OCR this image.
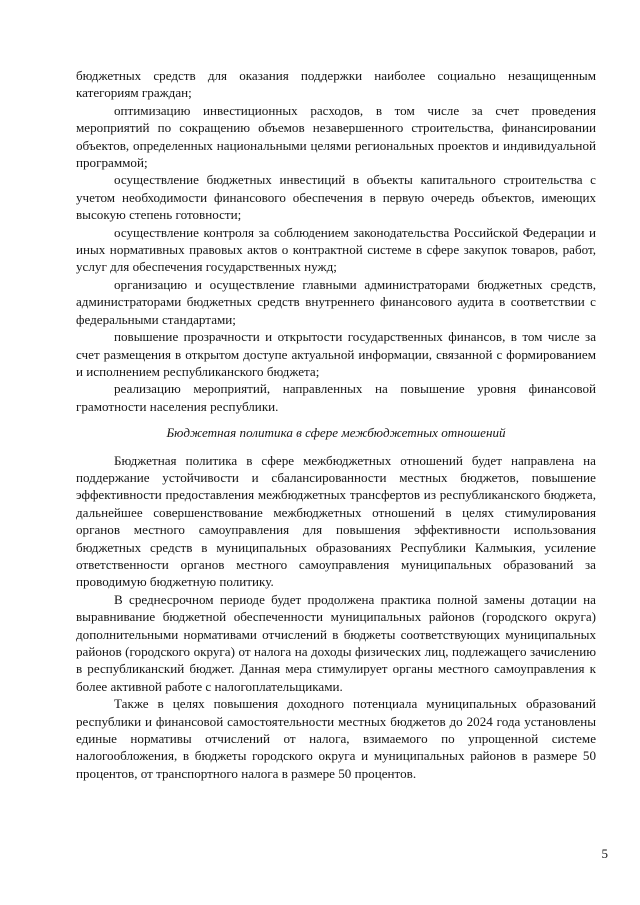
бюджетных средств для оказания поддержки наиболее социально незащищенным категориям граждан;

оптимизацию инвестиционных расходов, в том числе за счет проведения мероприятий по сокращению объемов незавершенного строительства, финансировании объектов, определенных национальными целями региональных проектов и индивидуальной программой;

осуществление бюджетных инвестиций в объекты капитального строительства с учетом необходимости финансового обеспечения в первую очередь объектов, имеющих высокую степень готовности;

осуществление контроля за соблюдением законодательства Российской Федерации и иных нормативных правовых актов о контрактной системе в сфере закупок товаров, работ, услуг для обеспечения государственных нужд;

организацию и осуществление главными администраторами бюджетных средств, администраторами бюджетных средств внутреннего финансового аудита в соответствии с федеральными стандартами;

повышение прозрачности и открытости государственных финансов, в том числе за счет размещения в открытом доступе актуальной информации, связанной с формированием и исполнением республиканского бюджета;

реализацию мероприятий, направленных на повышение уровня финансовой грамотности населения республики.

Бюджетная политика в сфере межбюджетных отношений

Бюджетная политика в сфере межбюджетных отношений будет направлена на поддержание устойчивости и сбалансированности местных бюджетов, повышение эффективности предоставления межбюджетных трансфертов из республиканского бюджета, дальнейшее совершенствование межбюджетных отношений в целях стимулирования органов местного самоуправления для повышения эффективности использования бюджетных средств в муниципальных образованиях Республики Калмыкия, усиление ответственности органов местного самоуправления муниципальных образований за проводимую бюджетную политику.

В среднесрочном периоде будет продолжена практика полной замены дотации на выравнивание бюджетной обеспеченности муниципальных районов (городского округа) дополнительными нормативами отчислений в бюджеты соответствующих муниципальных районов (городского округа) от налога на доходы физических лиц, подлежащего зачислению в республиканский бюджет. Данная мера стимулирует органы местного самоуправления к более активной работе с налогоплательщиками.

Также в целях повышения доходного потенциала муниципальных образований республики и финансовой самостоятельности местных бюджетов до 2024 года установлены единые нормативы отчислений от налога, взимаемого по упрощенной системе налогообложения, в бюджеты городского округа и муниципальных районов в размере 50 процентов, от транспортного налога в размере 50 процентов.

5
